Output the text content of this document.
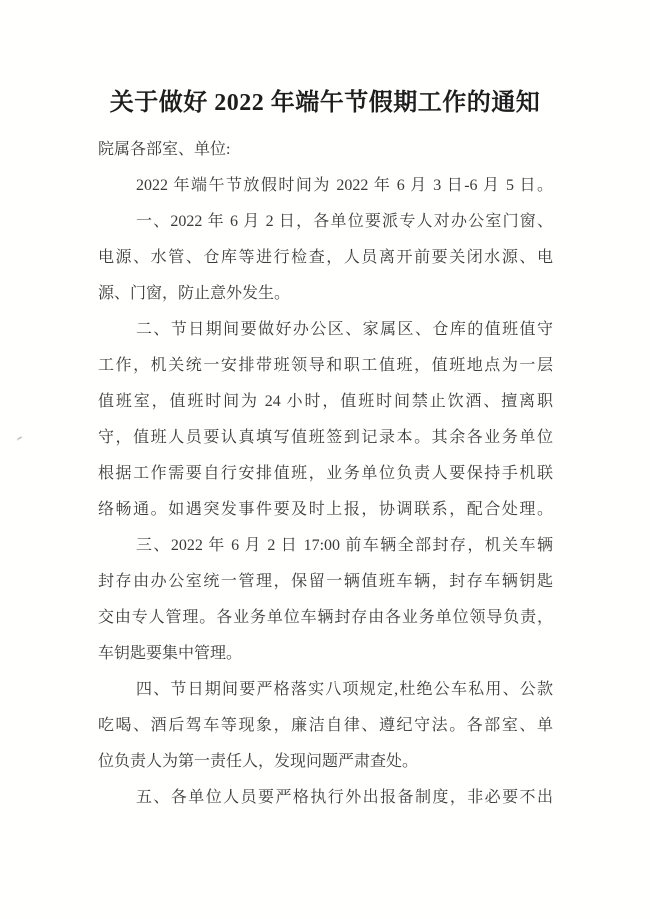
关于做好 2022 年端午节假期工作的通知
院属各部室、单位:
2022 年端午节放假时间为 2022 年 6 月 3 日-6 月 5 日。
一、2022 年 6 月 2 日，各单位要派专人对办公室门窗、
电源、水管、仓库等进行检查，人员离开前要关闭水源、电
源、门窗，防止意外发生。
二、节日期间要做好办公区、家属区、仓库的值班值守
工作，机关统一安排带班领导和职工值班，值班地点为一层
值班室，值班时间为 24 小时，值班时间禁止饮酒、擅离职
守，值班人员要认真填写值班签到记录本。其余各业务单位
根据工作需要自行安排值班，业务单位负责人要保持手机联
络畅通。如遇突发事件要及时上报，协调联系，配合处理。
三、2022 年 6 月 2 日 17:00 前车辆全部封存，机关车辆
封存由办公室统一管理，保留一辆值班车辆，封存车辆钥匙
交由专人管理。各业务单位车辆封存由各业务单位领导负责，
车钥匙要集中管理。
四、节日期间要严格落实八项规定,杜绝公车私用、公款
吃喝、酒后驾车等现象，廉洁自律、遵纪守法。各部室、单
位负责人为第一责任人，发现问题严肃查处。
五、各单位人员要严格执行外出报备制度，非必要不出
